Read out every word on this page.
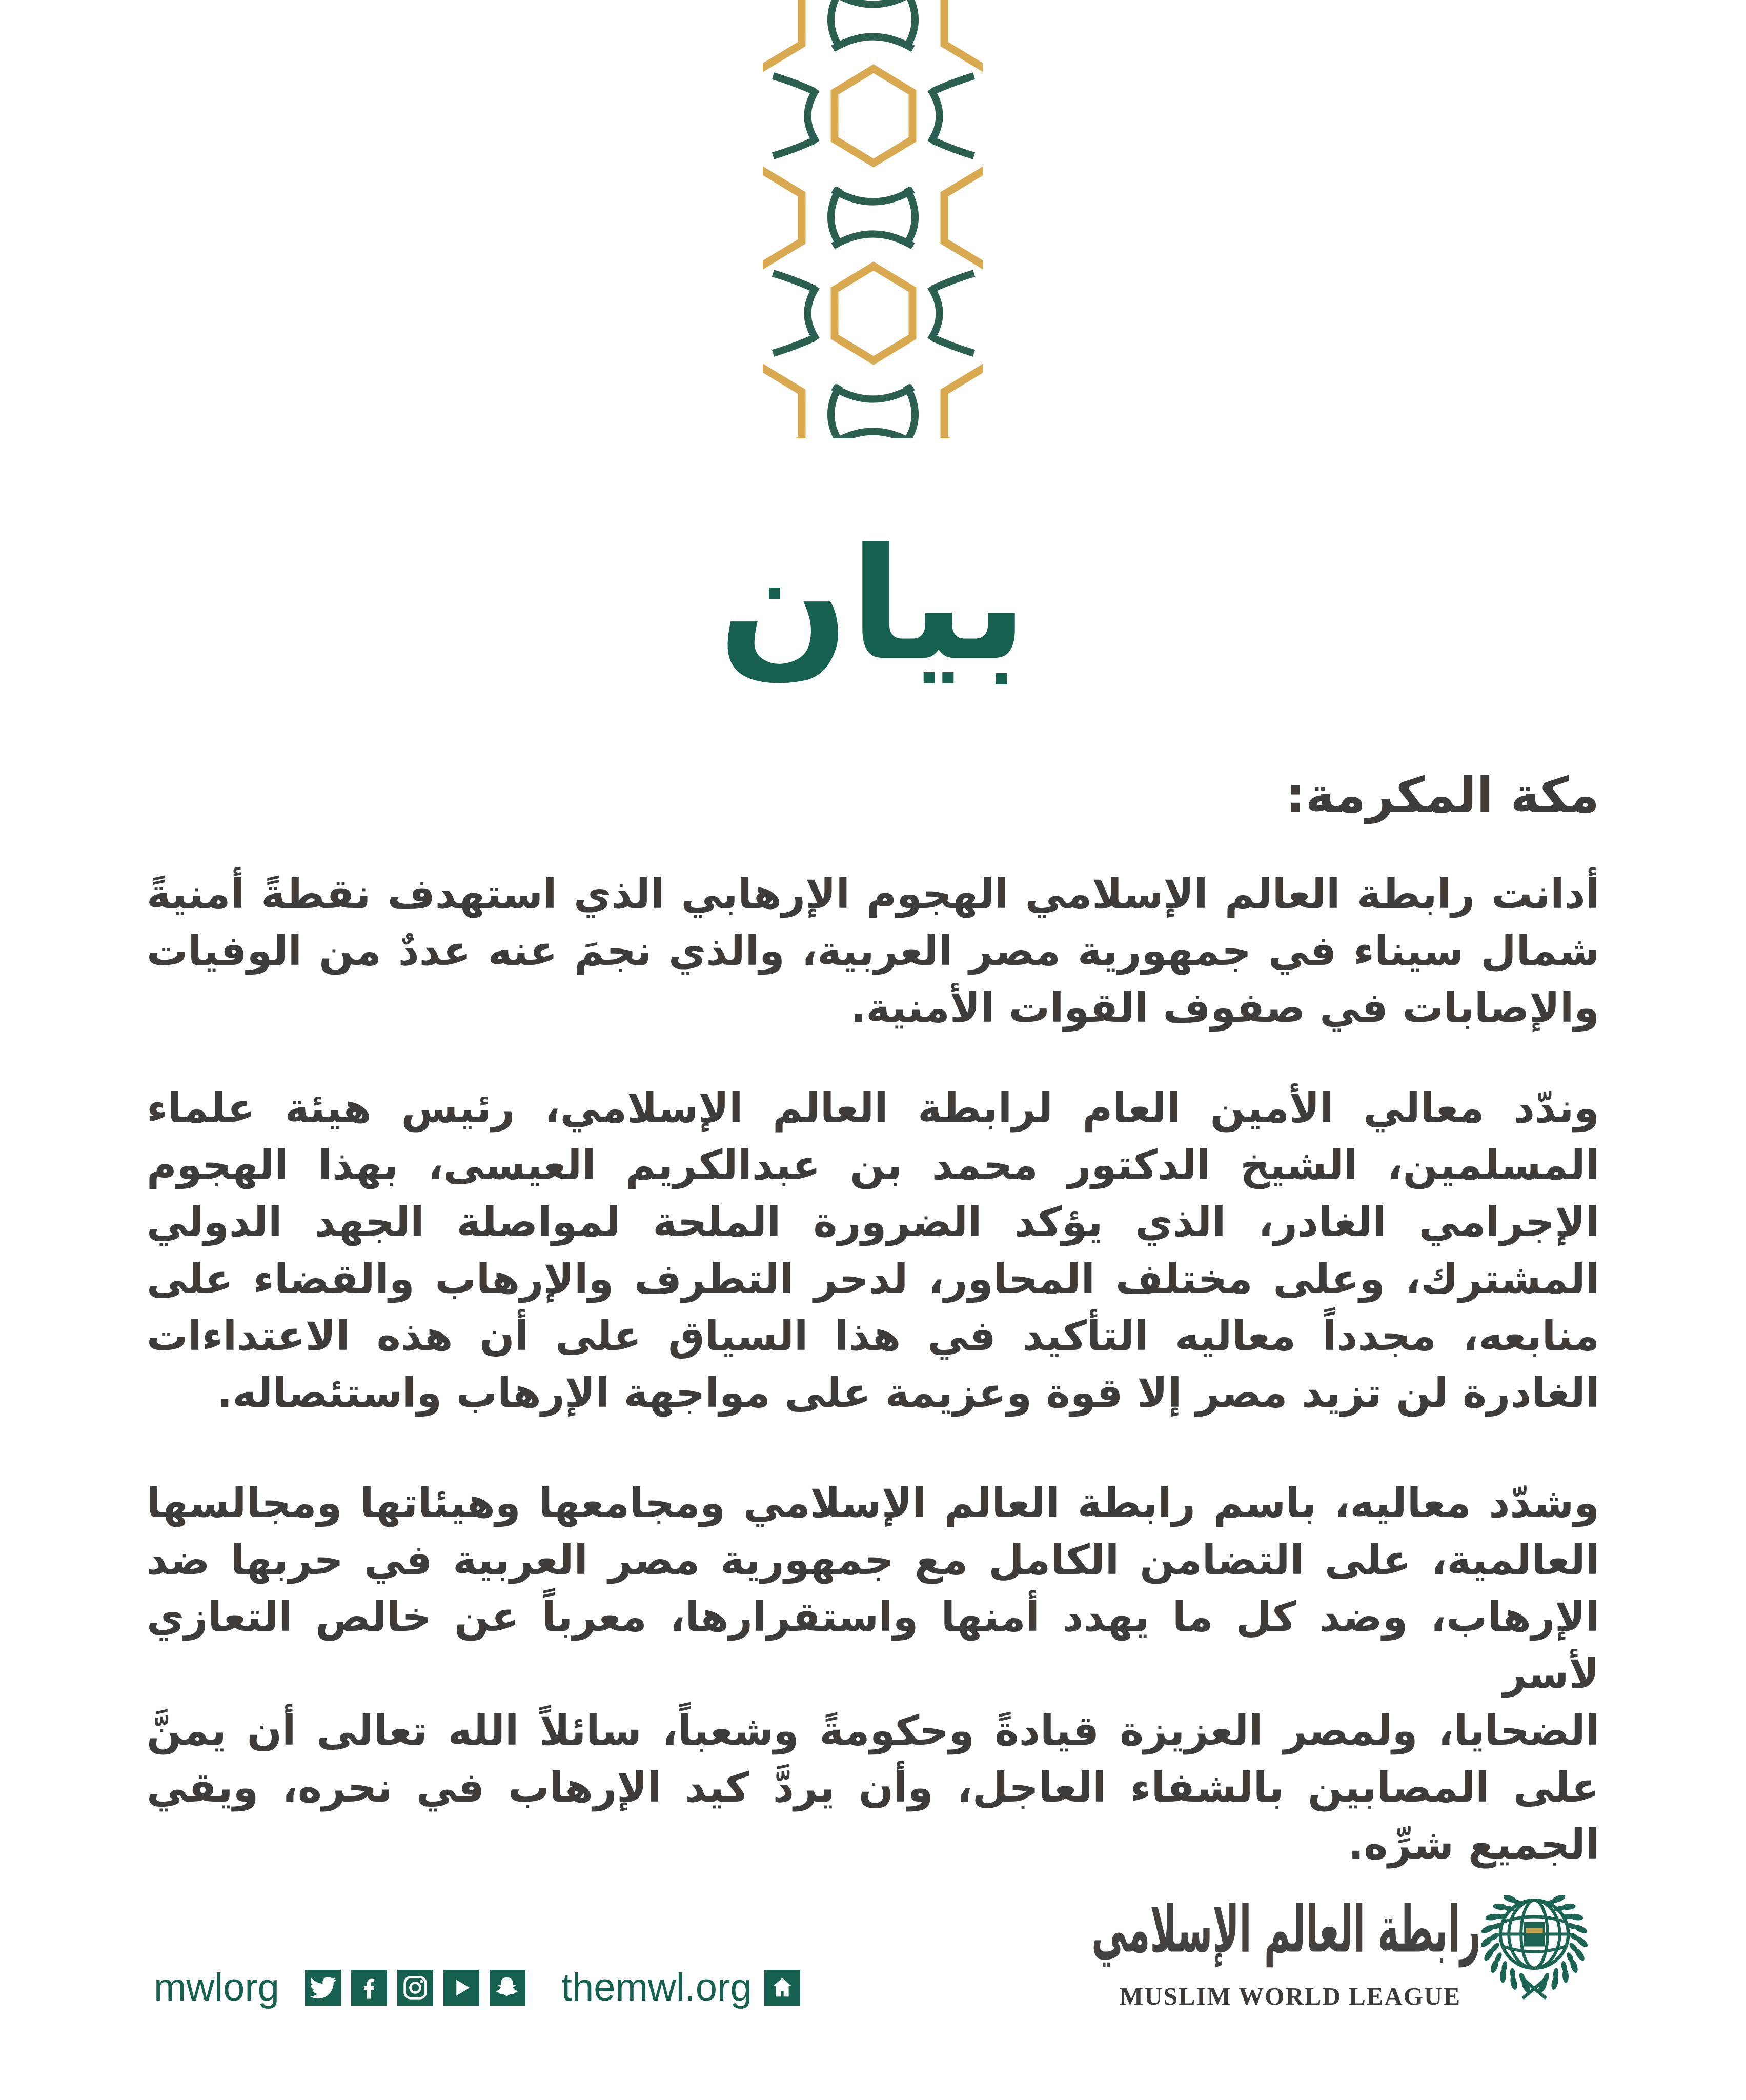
بيان
مكة المكرمة:
أدانت رابطة العالم الإسلامي الهجوم الإرهابي الذي استهدف نقطةً أمنيةً
شمال سيناء في جمهورية مصر العربية، والذي نجمَ عنه عددٌ من الوفيات
والإصابات في صفوف القوات الأمنية.
وندّد معالي الأمين العام لرابطة العالم الإسلامي، رئيس هيئة علماء
المسلمين، الشيخ الدكتور محمد بن عبدالكريم العيسى، بهذا الهجوم
الإجرامي الغادر، الذي يؤكد الضرورة الملحة لمواصلة الجهد الدولي
المشترك، وعلى مختلف المحاور، لدحر التطرف والإرهاب والقضاء على
منابعه، مجدداً معاليه التأكيد في هذا السياق على أن هذه الاعتداءات
الغادرة لن تزيد مصر إلا قوة وعزيمة على مواجهة الإرهاب واستئصاله.
وشدّد معاليه، باسم رابطة العالم الإسلامي ومجامعها وهيئاتها ومجالسها
العالمية، على التضامن الكامل مع جمهورية مصر العربية في حربها ضد
الإرهاب، وضد كل ما يهدد أمنها واستقرارها، معرباً عن خالص التعازي لأسر
الضحايا، ولمصر العزيزة قيادةً وحكومةً وشعباً، سائلاً الله تعالى أن يمنَّ
على المصابين بالشفاء العاجل، وأن يردَّ كيد الإرهاب في نحره، ويقي
الجميع شرِّه.
mwlorg	themwl.org
رابطة العالم الإسلامي
MUSLIM WORLD LEAGUE
